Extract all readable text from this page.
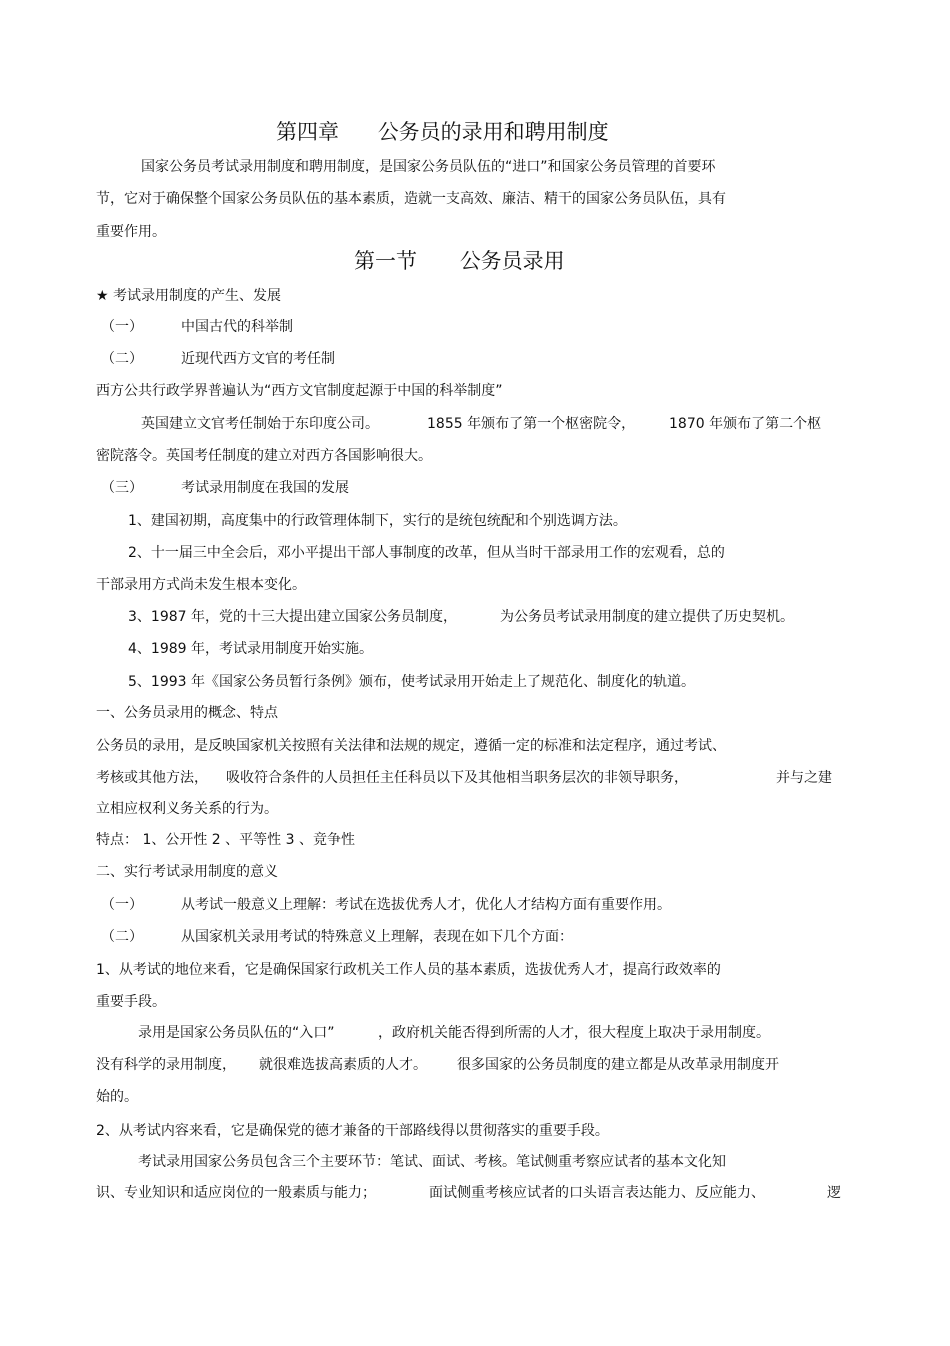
第四章 公务员的录用和聘用制度
国家公务员考试录用制度和聘用制度，是国家公务员队伍的“进口”和国家公务员管理的首要环
节，它对于确保整个国家公务员队伍的基本素质，造就一支高效、廉洁、精干的国家公务员队伍，具有
重要作用。
第一节 公务员录用
★ 考试录用制度的产生、发展
（一）	中国古代的科举制
（二）	近现代西方文官的考任制
西方公共行政学界普遍认为“西方文官制度起源于中国的科举制度”
英国建立文官考任制始于东印度公司。	1855 年颁布了第一个枢密院令， 1870 年颁布了第二个枢
密院落令。英国考任制度的建立对西方各国影响很大。
（三）	考试录用制度在我国的发展
1、建国初期，高度集中的行政管理体制下，实行的是统包统配和个别选调方法。
2、十一届三中全会后，邓小平提出干部人事制度的改革，但从当时干部录用工作的宏观看，总的
干部录用方式尚未发生根本变化。
3、1987 年，党的十三大提出建立国家公务员制度，	为公务员考试录用制度的建立提供了历史契机。
4、1989 年，考试录用制度开始实施。
5、1993 年《国家公务员暂行条例》颁布，使考试录用开始走上了规范化、制度化的轨道。
一、公务员录用的概念、特点
公务员的录用，是反映国家机关按照有关法律和法规的规定，遵循一定的标准和法定程序，通过考试、
考核或其他方法， 吸收符合条件的人员担任主任科员以下及其他相当职务层次的非领导职务，	并与之建
立相应权利义务关系的行为。
特点： 1、公开性 2 、平等性 3 、竞争性
二、实行考试录用制度的意义
（一）	从考试一般意义上理解：考试在选拔优秀人才，优化人才结构方面有重要作用。
（二）	从国家机关录用考试的特殊意义上理解，表现在如下几个方面：
1、从考试的地位来看，它是确保国家行政机关工作人员的基本素质，选拔优秀人才，提高行政效率的
重要手段。
录用是国家公务员队伍的“入口”	，政府机关能否得到所需的人才，很大程度上取决于录用制度。
没有科学的录用制度， 就很难选拔高素质的人才。 很多国家的公务员制度的建立都是从改革录用制度开
始的。
2、从考试内容来看，它是确保党的德才兼备的干部路线得以贯彻落实的重要手段。
考试录用国家公务员包含三个主要环节：笔试、面试、考核。笔试侧重考察应试者的基本文化知
识、专业知识和适应岗位的一般素质与能力；	面试侧重考核应试者的口头语言表达能力、反应能力、	逻
